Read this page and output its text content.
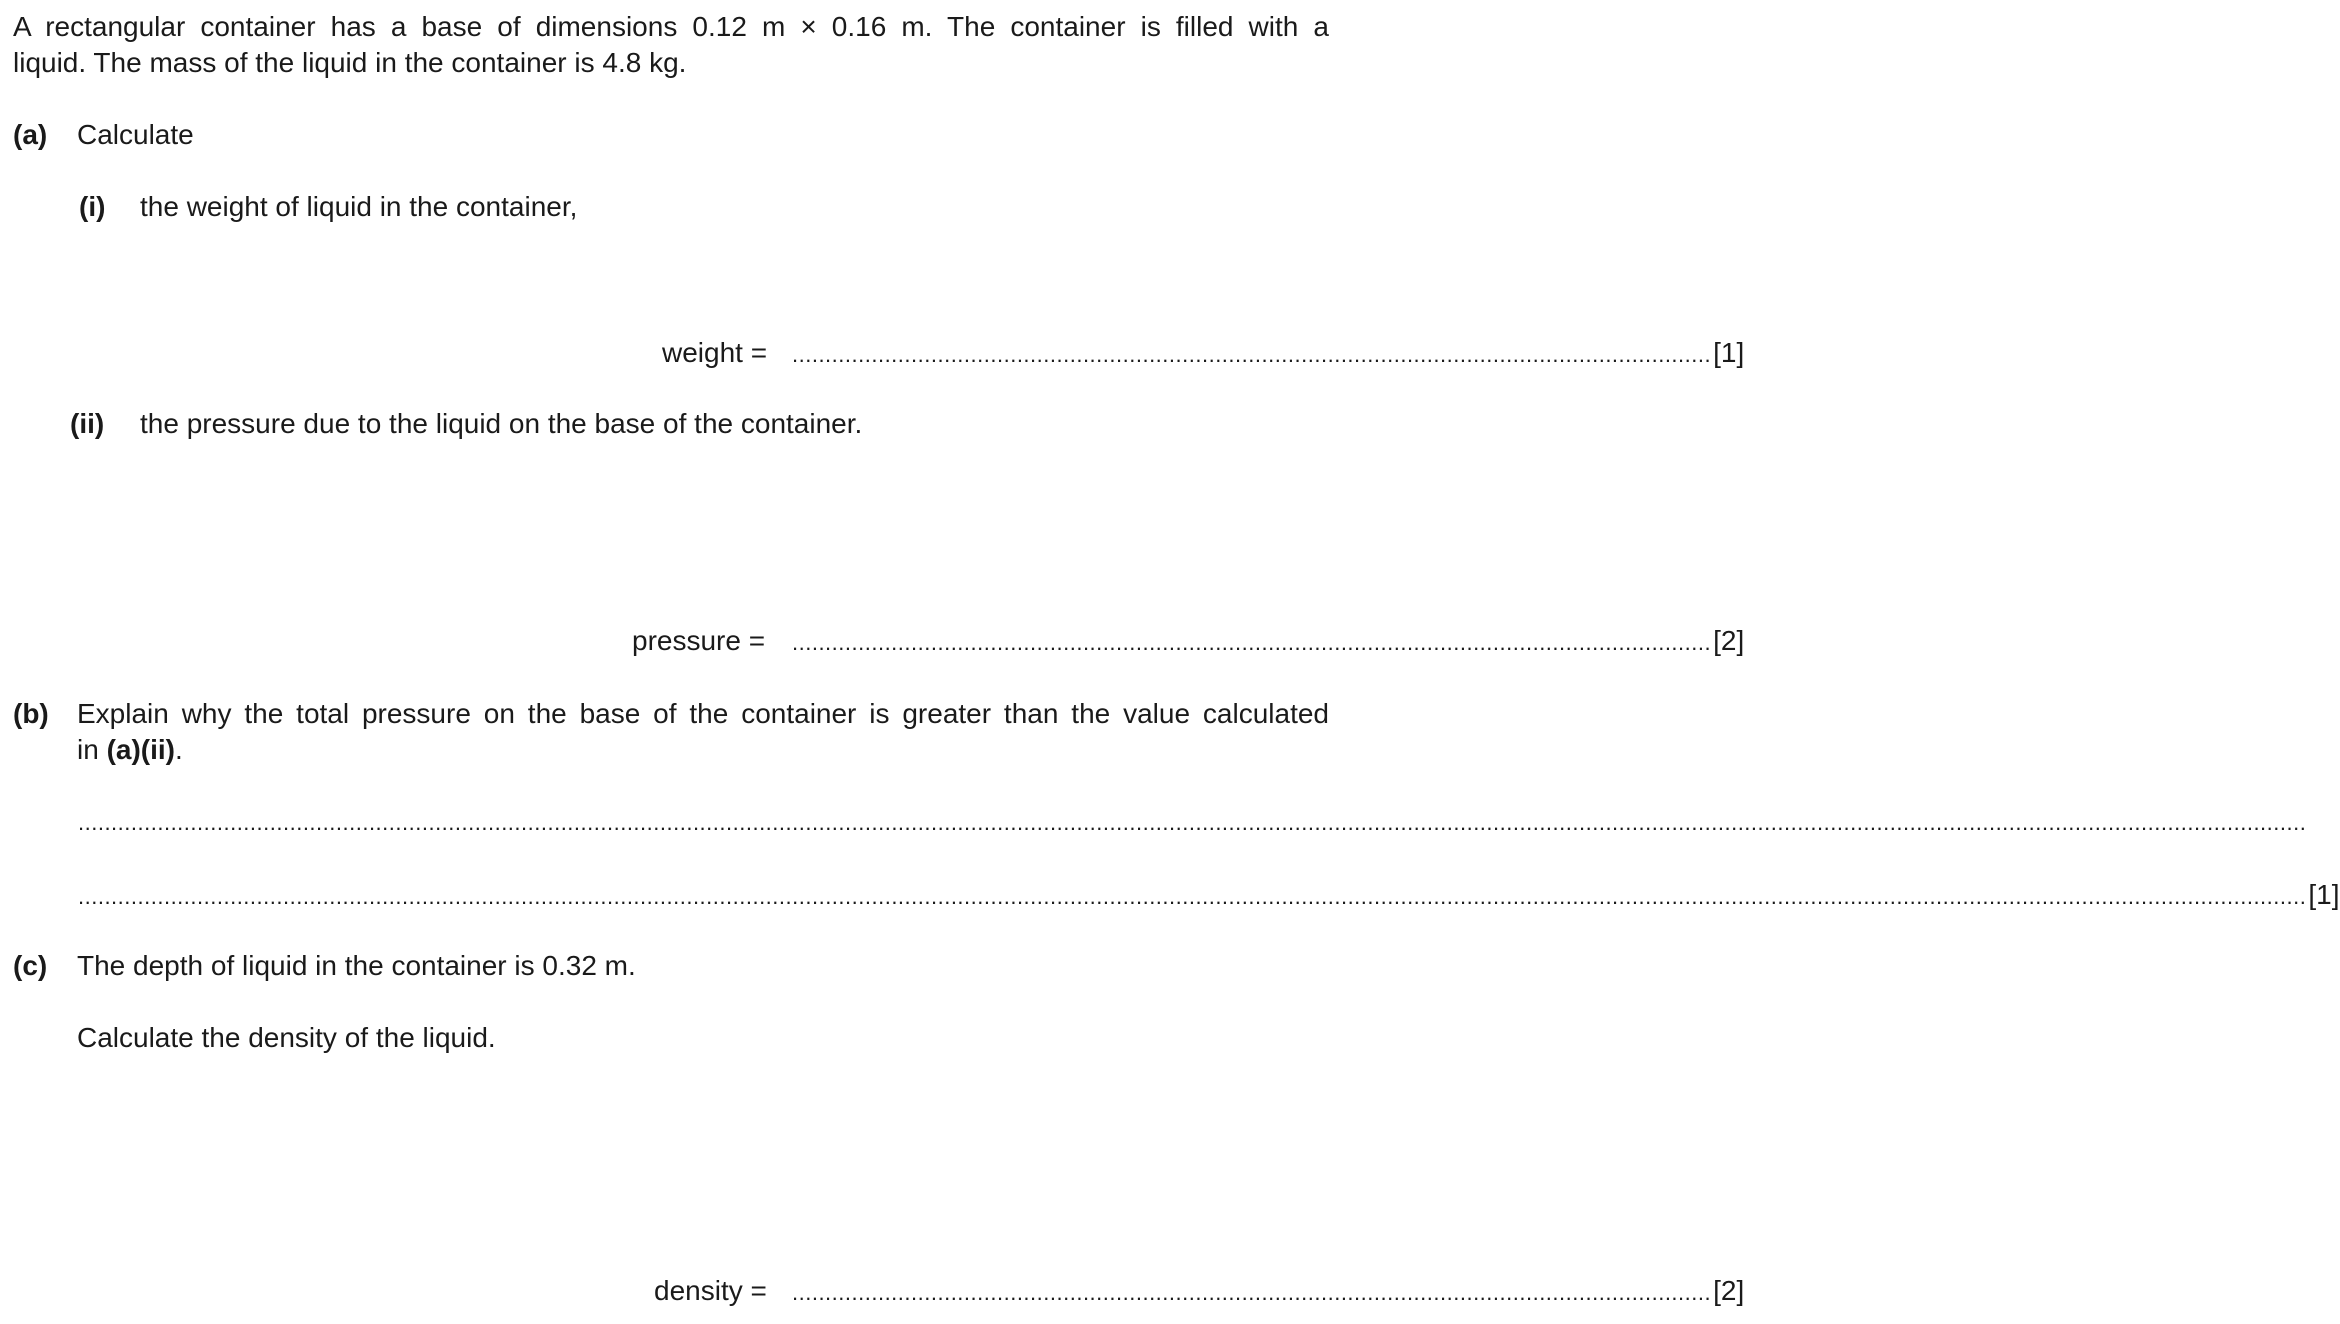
A rectangular container has a base of dimensions 0.12 m × 0.16 m. The container is filled with a
liquid. The mass of the liquid in the container is 4.8 kg.
(a) Calculate
(i) the weight of liquid in the container,
weight = ........................................................................................................................................... [1]
(ii) the pressure due to the liquid on the base of the container.
pressure = ........................................................................................................................................... [2]
(b) Explain why the total pressure on the base of the container is greater than the value calculated
in (a)(ii).
.................................................................................................................................................................................................................................................................................................................................................
................................................................................................................................................................................................................................................................................................................................................. [1]
(c) The depth of liquid in the container is 0.32 m.
Calculate the density of the liquid.
density = ........................................................................................................................................... [2]
